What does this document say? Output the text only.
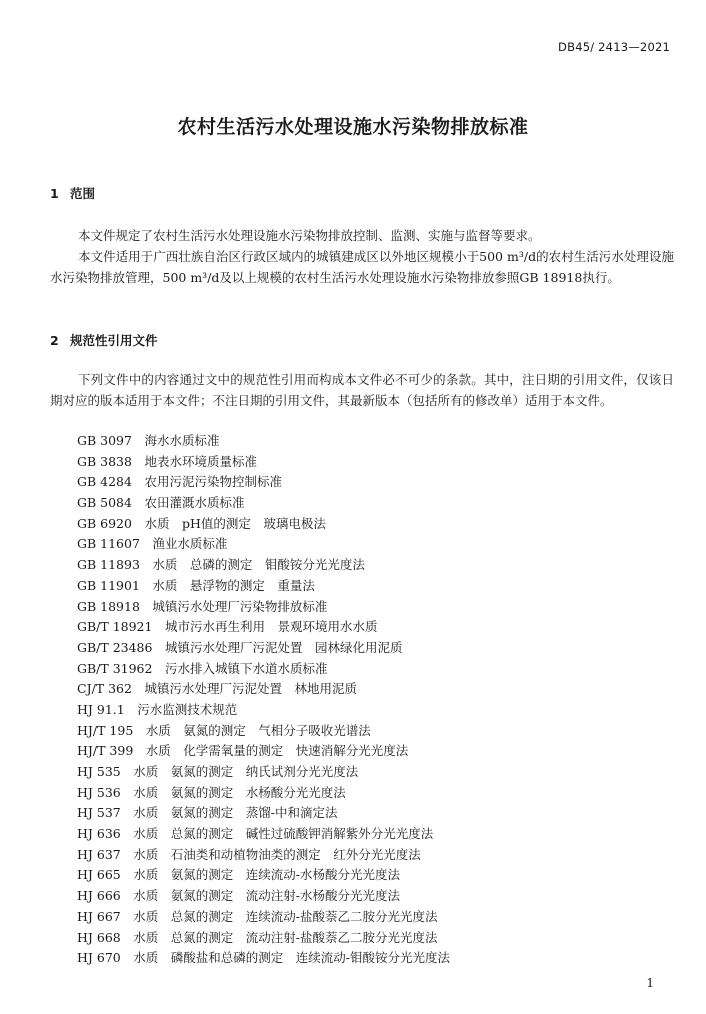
DB45/ 2413—2021
农村生活污水处理设施水污染物排放标准
1 范围
本文件规定了农村生活污水处理设施水污染物排放控制、监测、实施与监督等要求。
本文件适用于广西壮族自治区行政区域内的城镇建成区以外地区规模小于500 m³/d的农村生活污水处理设施水污染物排放管理，500 m³/d及以上规模的农村生活污水处理设施水污染物排放参照GB 18918执行。
2 规范性引用文件
下列文件中的内容通过文中的规范性引用而构成本文件必不可少的条款。其中，注日期的引用文件，仅该日期对应的版本适用于本文件；不注日期的引用文件，其最新版本（包括所有的修改单）适用于本文件。
GB 3097　海水水质标准
GB 3838　地表水环境质量标准
GB 4284　农用污泥污染物控制标准
GB 5084　农田灌溉水质标准
GB 6920　水质　pH值的测定　玻璃电极法
GB 11607　渔业水质标准
GB 11893　水质　总磷的测定　钼酸铵分光光度法
GB 11901　水质　悬浮物的测定　重量法
GB 18918　城镇污水处理厂污染物排放标准
GB/T 18921　城市污水再生利用　景观环境用水水质
GB/T 23486　城镇污水处理厂污泥处置　园林绿化用泥质
GB/T 31962　污水排入城镇下水道水质标准
CJ/T 362　城镇污水处理厂污泥处置　林地用泥质
HJ 91.1　污水监测技术规范
HJ/T 195　水质　氨氮的测定　气相分子吸收光谱法
HJ/T 399　水质　化学需氧量的测定　快速消解分光光度法
HJ 535　水质　氨氮的测定　纳氏试剂分光光度法
HJ 536　水质　氨氮的测定　水杨酸分光光度法
HJ 537　水质　氨氮的测定　蒸馏-中和滴定法
HJ 636　水质　总氮的测定　碱性过硫酸钾消解紫外分光光度法
HJ 637　水质　石油类和动植物油类的测定　红外分光光度法
HJ 665　水质　氨氮的测定　连续流动-水杨酸分光光度法
HJ 666　水质　氨氮的测定　流动注射-水杨酸分光光度法
HJ 667　水质　总氮的测定　连续流动-盐酸萘乙二胺分光光度法
HJ 668　水质　总氮的测定　流动注射-盐酸萘乙二胺分光光度法
HJ 670　水质　磷酸盐和总磷的测定　连续流动-钼酸铵分光光度法
1
